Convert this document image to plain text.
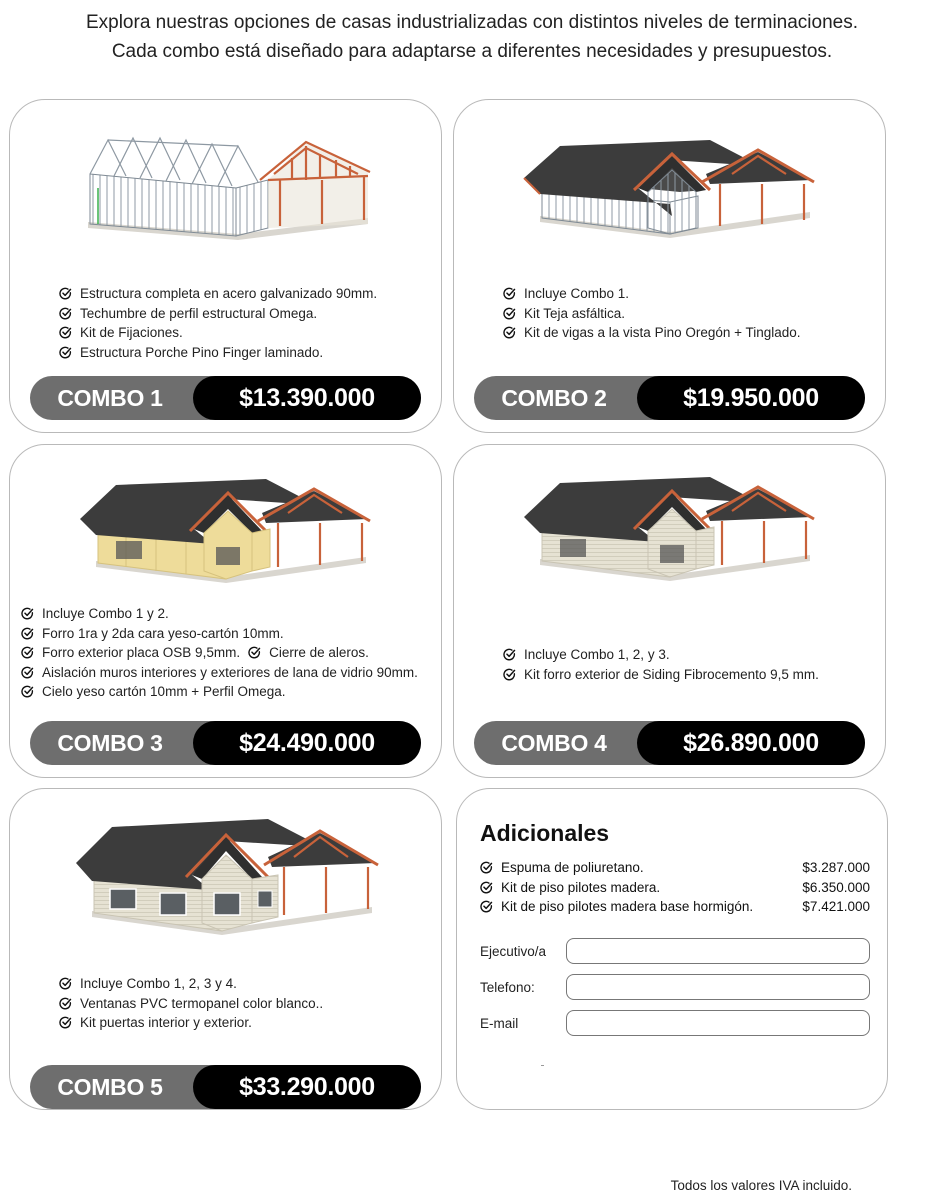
Explora nuestras opciones de casas industrializadas con distintos niveles de terminaciones.
Cada combo está diseñado para adaptarse a diferentes necesidades y presupuestos.
Estructura completa en acero galvanizado 90mm.
Techumbre de perfil estructural Omega.
Kit de Fijaciones.
Estructura Porche Pino Finger laminado.
COMBO 1	$13.390.000
Incluye Combo 1.
Kit Teja asfáltica.
Kit de vigas a la vista Pino Oregón + Tinglado.
COMBO 2	$19.950.000
Incluye Combo 1 y 2.
Forro 1ra y 2da cara yeso-cartón 10mm.
Forro exterior placa OSB 9,5mm. Cierre de aleros.
Aislación muros interiores y exteriores de lana de vidrio 90mm.
Cielo yeso cartón 10mm + Perfil Omega.
COMBO 3	$24.490.000
Incluye Combo 1, 2, y 3.
Kit forro exterior de Siding Fibrocemento 9,5 mm.
COMBO 4	$26.890.000
Incluye Combo 1, 2, 3 y 4.
Ventanas PVC termopanel color blanco..
Kit puertas interior y exterior.
COMBO 5	$33.290.000
Adicionales
Espuma de poliuretano.	$3.287.000
Kit de piso pilotes madera.	$6.350.000
Kit de piso pilotes madera base hormigón.	$7.421.000
Ejecutivo/a
Telefono:
E-mail
Todos los valores IVA incluido.
